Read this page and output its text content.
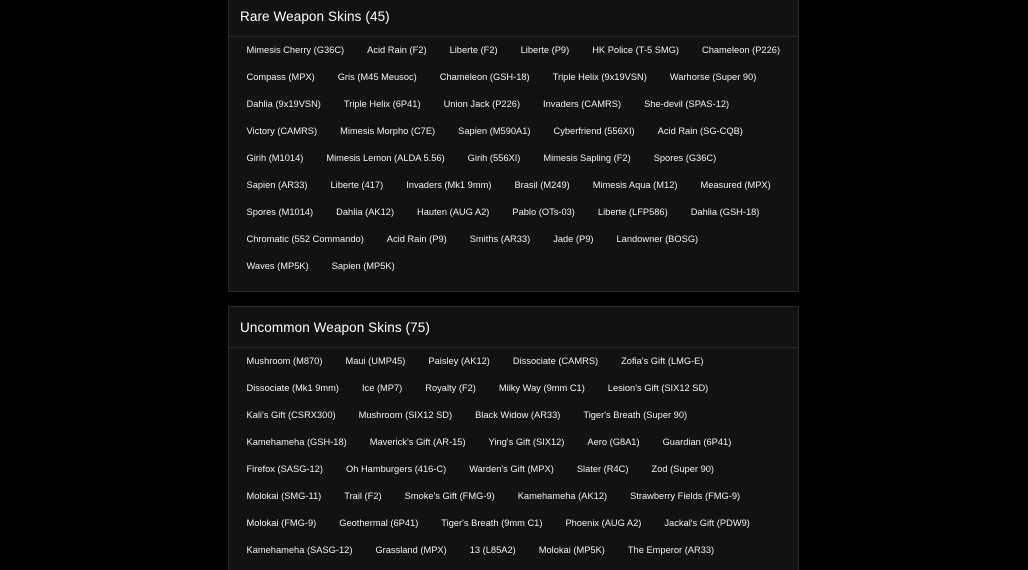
Rare Weapon Skins (45)
Mimesis Cherry (G36C)	Acid Rain (F2)	Liberte (F2)	Liberte (P9)	HK Police (T-5 SMG)	Chameleon (P226)
Compass (MPX)	Gris (M45 Meusoc)	Chameleon (GSH-18)	Triple Helix (9x19VSN)	Warhorse (Super 90)
Dahlia (9x19VSN)	Triple Helix (6P41)	Union Jack (P226)	Invaders (CAMRS)	She-devil (SPAS-12)
Victory (CAMRS)	Mimesis Morpho (C7E)	Sapien (M590A1)	Cyberfriend (556XI)	Acid Rain (SG-CQB)
Girih (M1014)	Mimesis Lemon (ALDA 5.56)	Girih (556XI)	Mimesis Sapling (F2)	Spores (G36C)
Sapien (AR33)	Liberte (417)	Invaders (Mk1 9mm)	Brasil (M249)	Mimesis Aqua (M12)	Measured (MPX)
Spores (M1014)	Dahlia (AK12)	Hauten (AUG A2)	Pablo (OTs-03)	Liberte (LFP586)	Dahlia (GSH-18)
Chromatic (552 Commando)	Acid Rain (P9)	Smiths (AR33)	Jade (P9)	Landowner (BOSG)
Waves (MP5K)	Sapien (MP5K)
Uncommon Weapon Skins (75)
Mushroom (M870)	Maui (UMP45)	Paisley (AK12)	Dissociate (CAMRS)	Zofia's Gift (LMG-E)
Dissociate (Mk1 9mm)	Ice (MP7)	Royalty (F2)	Milky Way (9mm C1)	Lesion's Gift (SIX12 SD)
Kali's Gift (CSRX300)	Mushroom (SIX12 SD)	Black Widow (AR33)	Tiger's Breath (Super 90)
Kamehameha (GSH-18)	Maverick's Gift (AR-15)	Ying's Gift (SIX12)	Aero (G8A1)	Guardian (6P41)
Firefox (SASG-12)	Oh Hamburgers (416-C)	Warden's Gift (MPX)	Slater (R4C)	Zod (Super 90)
Molokai (SMG-11)	Trail (F2)	Smoke's Gift (FMG-9)	Kamehameha (AK12)	Strawberry Fields (FMG-9)
Molokai (FMG-9)	Geothermal (6P41)	Tiger's Breath (9mm C1)	Phoenix (AUG A2)	Jackal's Gift (PDW9)
Kamehameha (SASG-12)	Grassland (MPX)	13 (L85A2)	Molokai (MP5K)	The Emperor (AR33)
